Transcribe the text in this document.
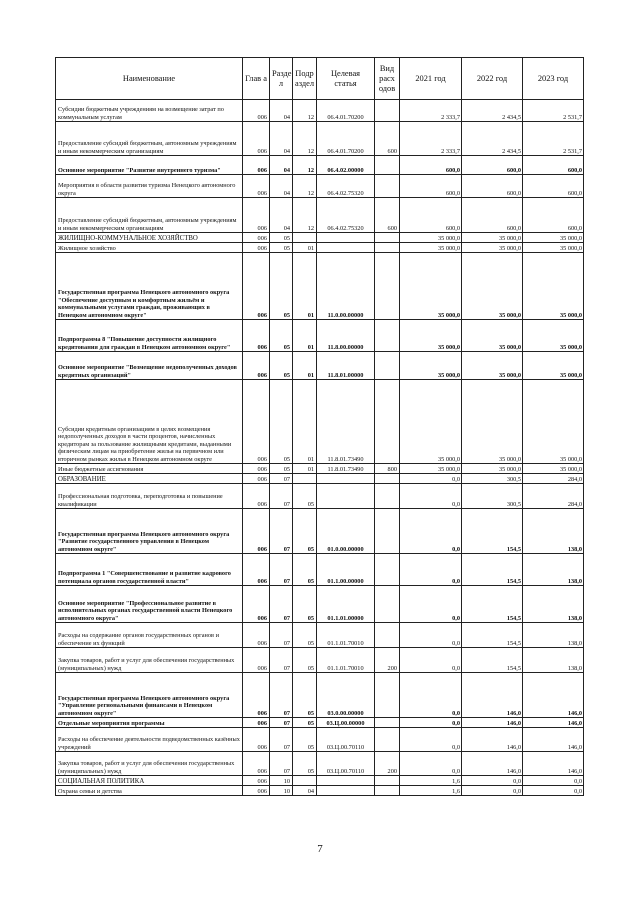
Наименование	Глав а	Разде л	Подр аздел	Целевая статья	Вид расх одов	2021 год	2022 год	2023 год
Субсидии бюджетным учреждениям на возмещение затрат по коммунальным услугам	006	04	12	06.4.01.70200		2 333,7	2 434,5	2 531,7
Предоставление субсидий бюджетным, автономным учреждениям и иным некоммерческим организациям	006	04	12	06.4.01.70200	600	2 333,7	2 434,5	2 531,7
Основное мероприятие "Развитие внутреннего туризма"	006	04	12	06.4.02.00000		600,0	600,0	600,0
Мероприятия в области развития туризма Ненецкого автономного округа	006	04	12	06.4.02.75320		600,0	600,0	600,0
Предоставление субсидий бюджетным, автономным учреждениям и иным некоммерческим организациям	006	04	12	06.4.02.75320	600	600,0	600,0	600,0
ЖИЛИЩНО-КОММУНАЛЬНОЕ ХОЗЯЙСТВО	006	05				35 000,0	35 000,0	35 000,0
Жилищное хозяйство	006	05	01			35 000,0	35 000,0	35 000,0
Государственная программа Ненецкого автономного округа "Обеспечение доступным и комфортным жильём и коммунальными услугами граждан, проживающих в Ненецком автономном округе"	006	05	01	11.0.00.00000		35 000,0	35 000,0	35 000,0
Подпрограмма 8 "Повышение доступности жилищного кредитования для граждан в Ненецком автономном округе"	006	05	01	11.8.00.00000		35 000,0	35 000,0	35 000,0
Основное мероприятие "Возмещение недополученных доходов кредитных организаций"	006	05	01	11.8.01.00000		35 000,0	35 000,0	35 000,0
Субсидии кредитным организациям в целях возмещения недополученных доходов в части процентов, начисленных кредиторам за пользование жилищными кредитами, выданными физическим лицам на приобретение жилья на первичном или вторичном рынках жилья в Ненецком автономном округе	006	05	01	11.8.01.73490		35 000,0	35 000,0	35 000,0
Иные бюджетные ассигнования	006	05	01	11.8.01.73490	800	35 000,0	35 000,0	35 000,0
ОБРАЗОВАНИЕ	006	07				0,0	300,5	284,0
Профессиональная подготовка, переподготовка и повышение квалификации	006	07	05			0,0	300,5	284,0
Государственная программа Ненецкого автономного округа "Развитие государственного управления в Ненецком автономном округе"	006	07	05	01.0.00.00000		0,0	154,5	138,0
Подпрограмма 1 "Совершенствование и развитие кадрового потенциала органов государственной власти"	006	07	05	01.1.00.00000		0,0	154,5	138,0
Основное мероприятие "Профессиональное развитие в исполнительных органах государственной власти Ненецкого автономного округа"	006	07	05	01.1.01.00000		0,0	154,5	138,0
Расходы на содержание органов государственных органов и обеспечение их функций	006	07	05	01.1.01.70010		0,0	154,5	138,0
Закупка товаров, работ и услуг для обеспечения государственных (муниципальных) нужд	006	07	05	01.1.01.70010	200	0,0	154,5	138,0
Государственная программа Ненецкого автономного округа "Управление региональными финансами в Ненецком автономном округе"	006	07	05	03.0.00.00000		0,0	146,0	146,0
Отдельные мероприятия программы	006	07	05	03.Ц.00.00000		0,0	146,0	146,0
Расходы на обеспечение деятельности подведомственных казённых учреждений	006	07	05	03.Ц.00.70110		0,0	146,0	146,0
Закупка товаров, работ и услуг для обеспечения государственных (муниципальных) нужд	006	07	05	03.Ц.00.70110	200	0,0	146,0	146,0
СОЦИАЛЬНАЯ ПОЛИТИКА	006	10				1,6	0,0	0,0
Охрана семьи и детства	006	10	04			1,6	0,0	0,0
7
